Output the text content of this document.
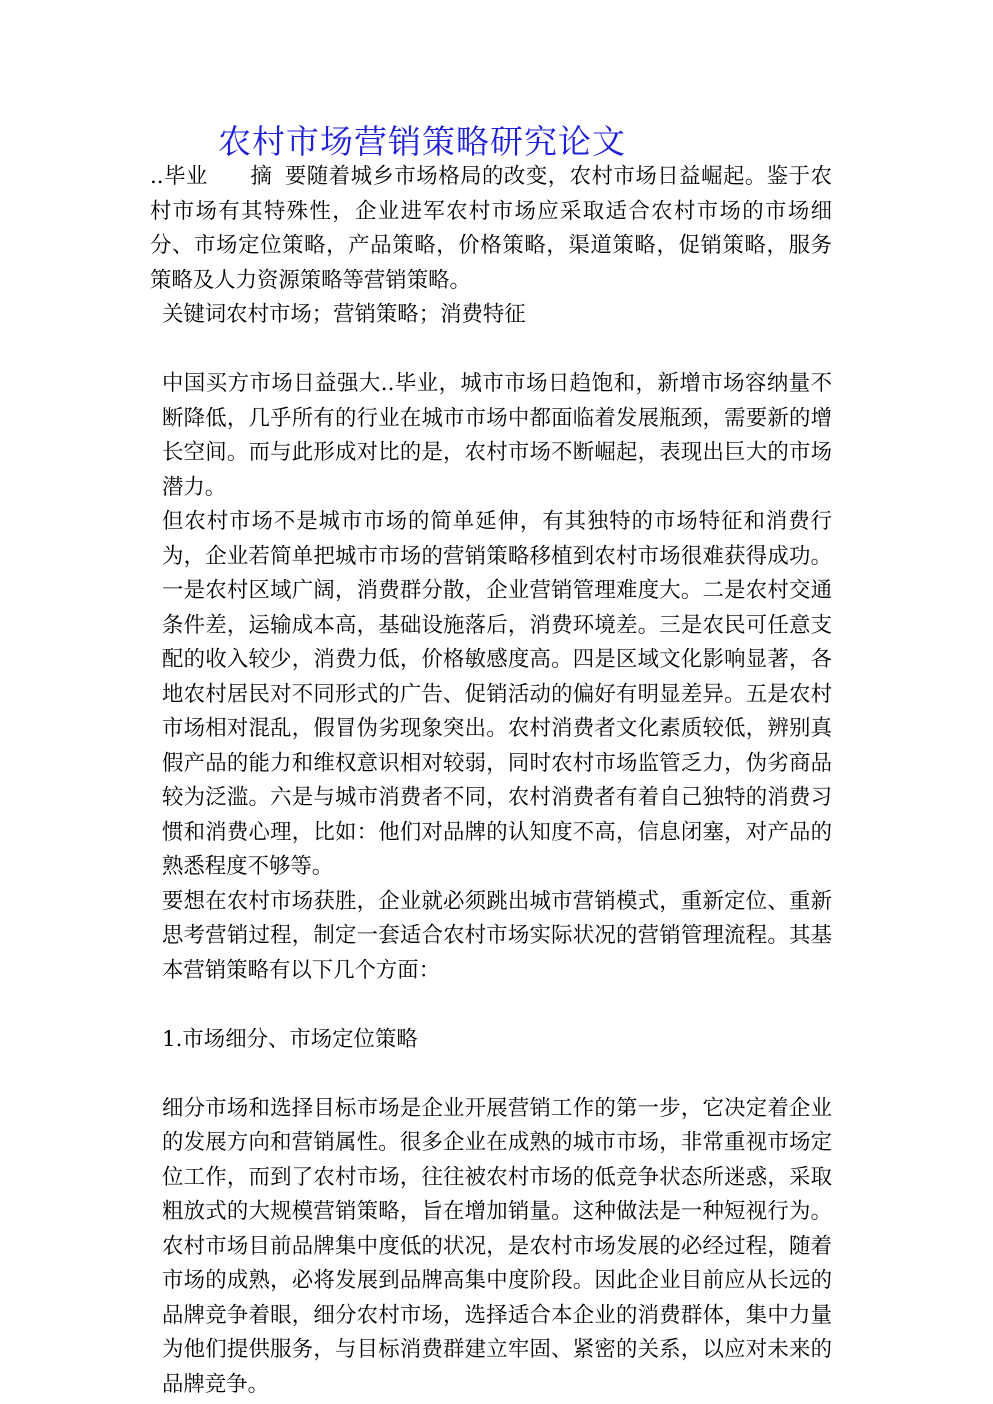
农村市场营销策略研究论文

..毕业 摘 要随着城乡市场格局的改变，农村市场日益崛起。鉴于农村市场有其特殊性，企业进军农村市场应采取适合农村市场的市场细分、市场定位策略，产品策略，价格策略，渠道策略，促销策略，服务策略及人力资源策略等营销策略。

关键词农村市场；营销策略；消费特征

中国买方市场日益强大..毕业，城市市场日趋饱和，新增市场容纳量不断降低，几乎所有的行业在城市市场中都面临着发展瓶颈，需要新的增长空间。而与此形成对比的是，农村市场不断崛起，表现出巨大的市场潜力。

但农村市场不是城市市场的简单延伸，有其独特的市场特征和消费行为，企业若简单把城市市场的营销策略移植到农村市场很难获得成功。一是农村区域广阔，消费群分散，企业营销管理难度大。二是农村交通条件差，运输成本高，基础设施落后，消费环境差。三是农民可任意支配的收入较少，消费力低，价格敏感度高。四是区域文化影响显著，各地农村居民对不同形式的广告、促销活动的偏好有明显差异。五是农村市场相对混乱，假冒伪劣现象突出。农村消费者文化素质较低，辨别真假产品的能力和维权意识相对较弱，同时农村市场监管乏力，伪劣商品较为泛滥。六是与城市消费者不同，农村消费者有着自己独特的消费习惯和消费心理，比如：他们对品牌的认知度不高，信息闭塞，对产品的熟悉程度不够等。

要想在农村市场获胜，企业就必须跳出城市营销模式，重新定位、重新思考营销过程，制定一套适合农村市场实际状况的营销管理流程。其基本营销策略有以下几个方面：

1.市场细分、市场定位策略

细分市场和选择目标市场是企业开展营销工作的第一步，它决定着企业的发展方向和营销属性。很多企业在成熟的城市市场，非常重视市场定位工作，而到了农村市场，往往被农村市场的低竞争状态所迷惑，采取粗放式的大规模营销策略，旨在增加销量。这种做法是一种短视行为。农村市场目前品牌集中度低的状况，是农村市场发展的必经过程，随着市场的成熟，必将发展到品牌高集中度阶段。因此企业目前应从长远的品牌竞争着眼，细分农村市场，选择适合本企业的消费群体，集中力量为他们提供服务，与目标消费群建立牢固、紧密的关系，以应对未来的品牌竞争。
